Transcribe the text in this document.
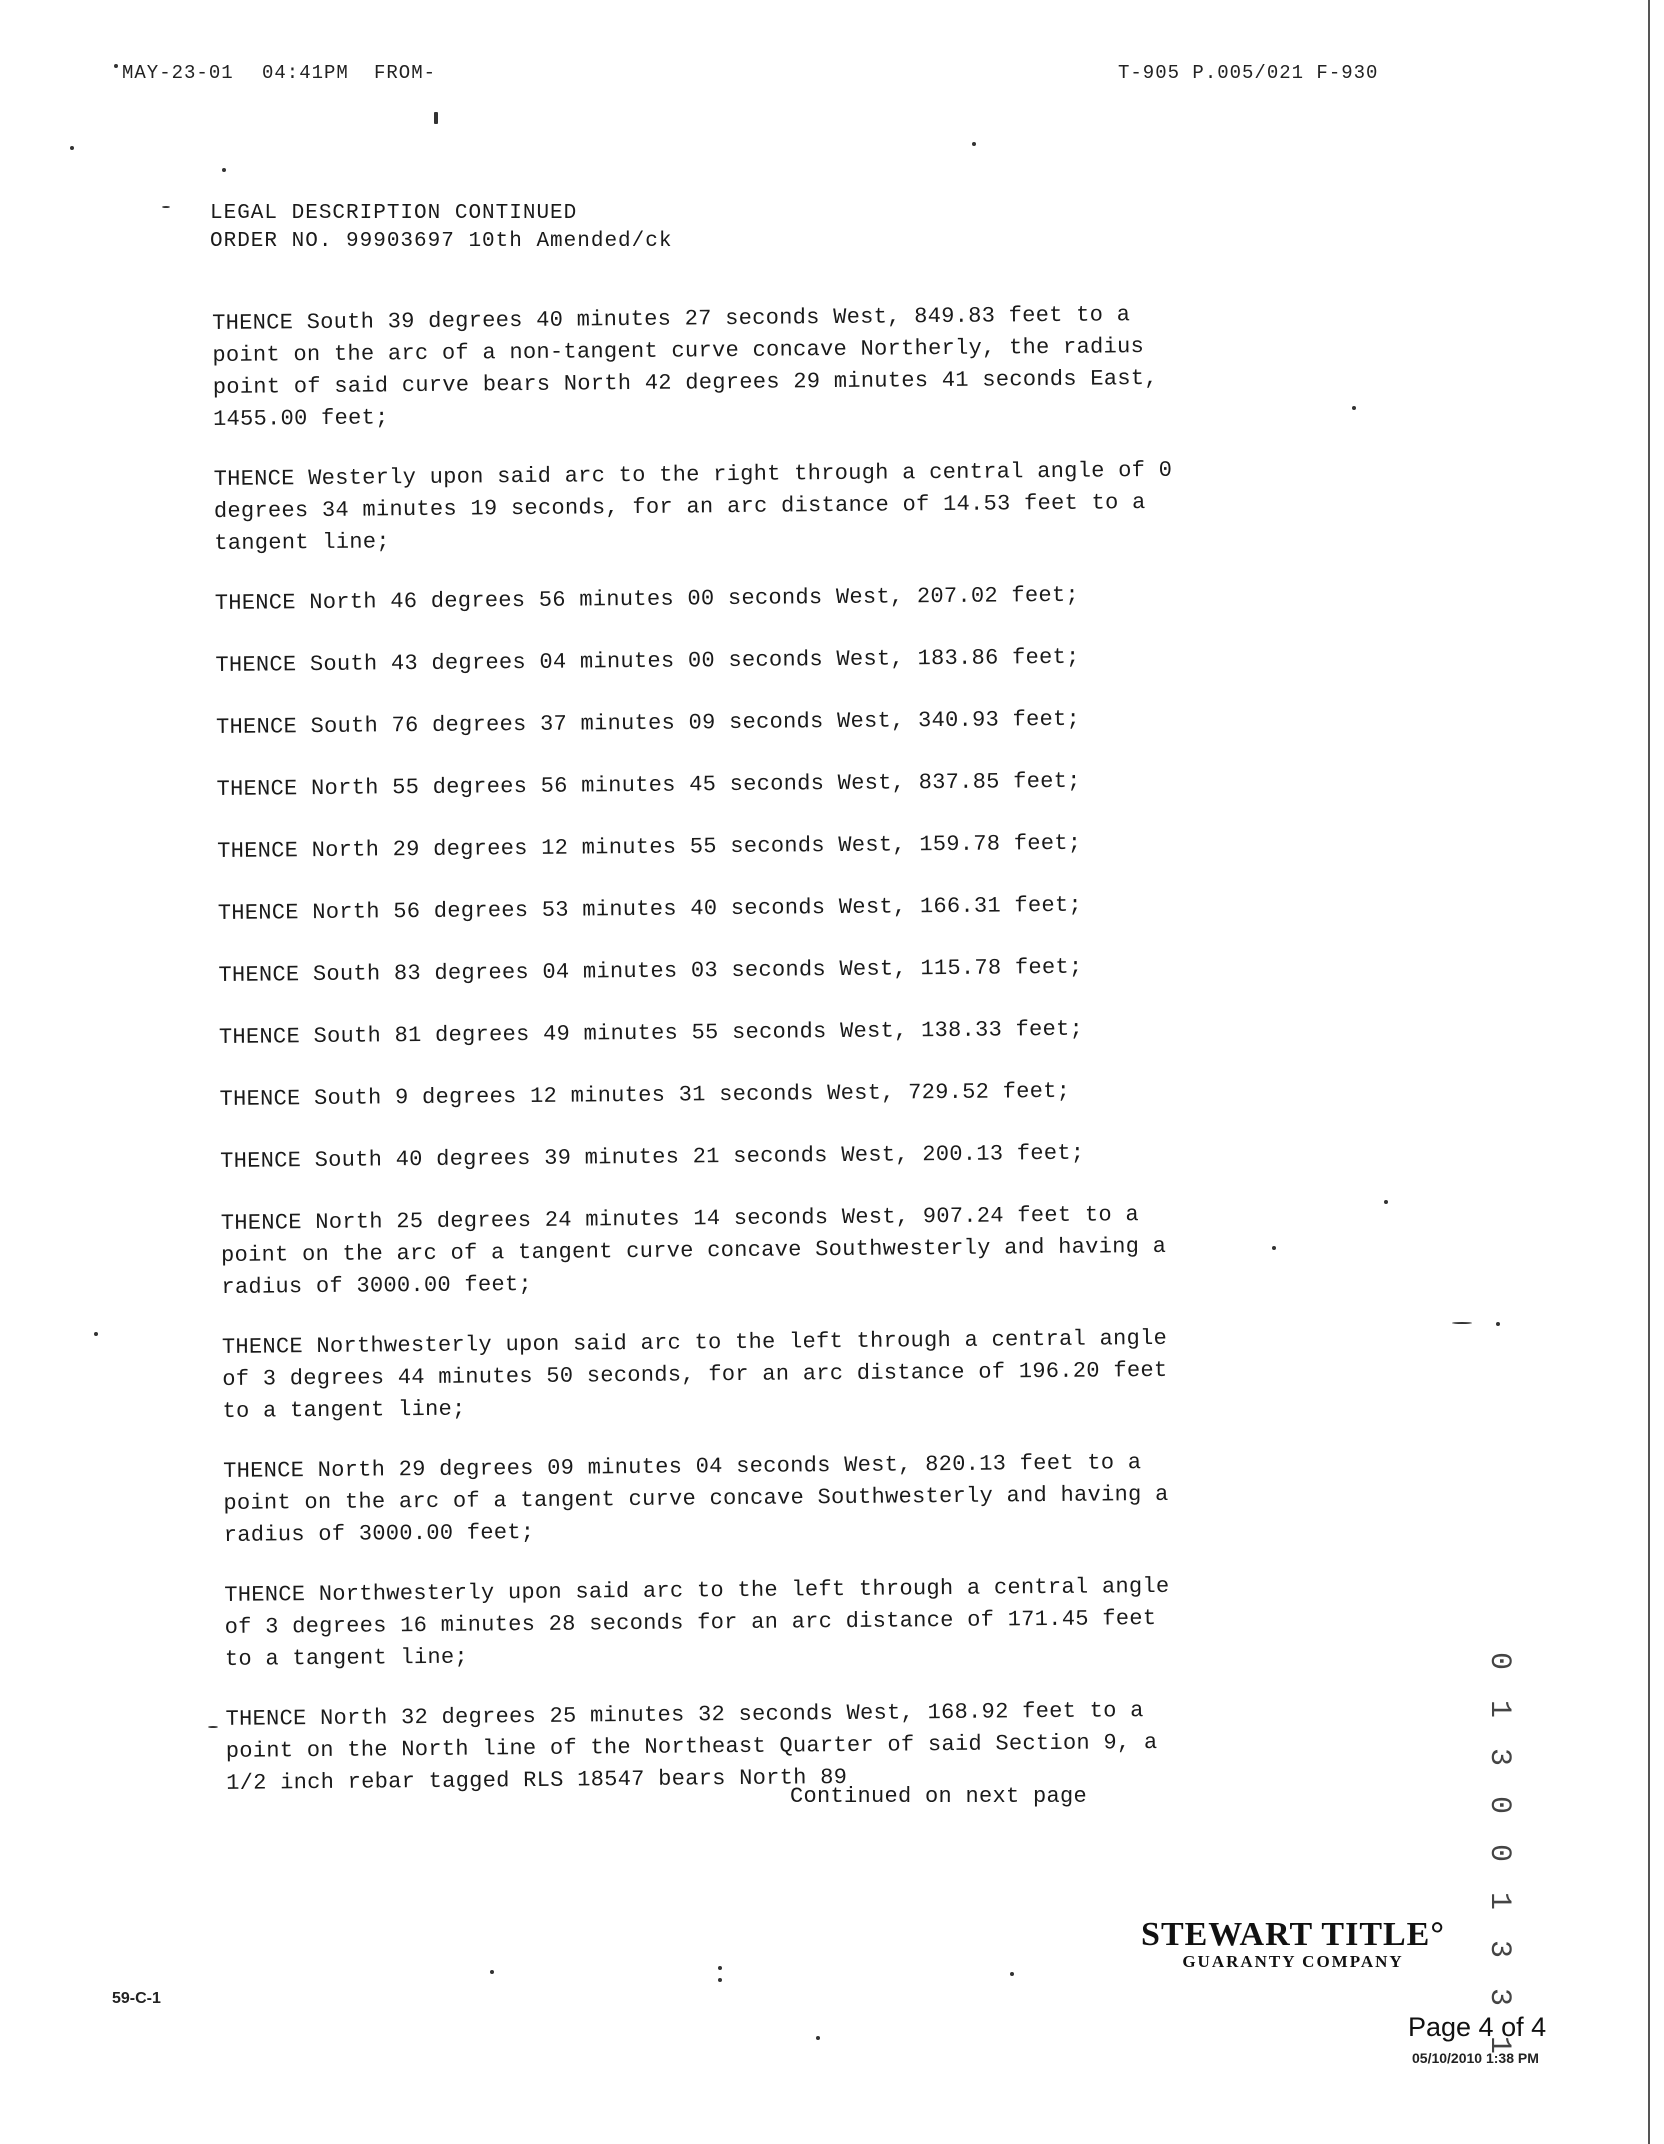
MAY-23-01 04:41PM FROM-	T-905 P.005/021 F-930
LEGAL DESCRIPTION CONTINUED
ORDER NO. 99903697 10th Amended/ck

THENCE South 39 degrees 40 minutes 27 seconds West, 849.83 feet to a point on the arc of a non-tangent curve concave Northerly, the radius point of said curve bears North 42 degrees 29 minutes 41 seconds East, 1455.00 feet;

THENCE Westerly upon said arc to the right through a central angle of 0 degrees 34 minutes 19 seconds, for an arc distance of 14.53 feet to a tangent line;

THENCE North 46 degrees 56 minutes 00 seconds West, 207.02 feet;

THENCE South 43 degrees 04 minutes 00 seconds West, 183.86 feet;

THENCE South 76 degrees 37 minutes 09 seconds West, 340.93 feet;

THENCE North 55 degrees 56 minutes 45 seconds West, 837.85 feet;

THENCE North 29 degrees 12 minutes 55 seconds West, 159.78 feet;

THENCE North 56 degrees 53 minutes 40 seconds West, 166.31 feet;

THENCE South 83 degrees 04 minutes 03 seconds West, 115.78 feet;

THENCE South 81 degrees 49 minutes 55 seconds West, 138.33 feet;

THENCE South 9 degrees 12 minutes 31 seconds West, 729.52 feet;

THENCE South 40 degrees 39 minutes 21 seconds West, 200.13 feet;

THENCE North 25 degrees 24 minutes 14 seconds West, 907.24 feet to a point on the arc of a tangent curve concave Southwesterly and having a radius of 3000.00 feet;

THENCE Northwesterly upon said arc to the left through a central angle of 3 degrees 44 minutes 50 seconds, for an arc distance of 196.20 feet to a tangent line;

THENCE North 29 degrees 09 minutes 04 seconds West, 820.13 feet to a point on the arc of a tangent curve concave Southwesterly and having a radius of 3000.00 feet;

THENCE Northwesterly upon said arc to the left through a central angle of 3 degrees 16 minutes 28 seconds for an arc distance of 171.45 feet to a tangent line;

THENCE North 32 degrees 25 minutes 32 seconds West, 168.92 feet to a point on the North line of the Northeast Quarter of said Section 9, a 1/2 inch rebar tagged RLS 18547 bears North 89

Continued on next page	0 1 3 0 0 1 3 3 1
STEWART TITLE°
GUARANTY COMPANY
59-C-1
Page 4 of 4
05/10/2010 1:38 PM
